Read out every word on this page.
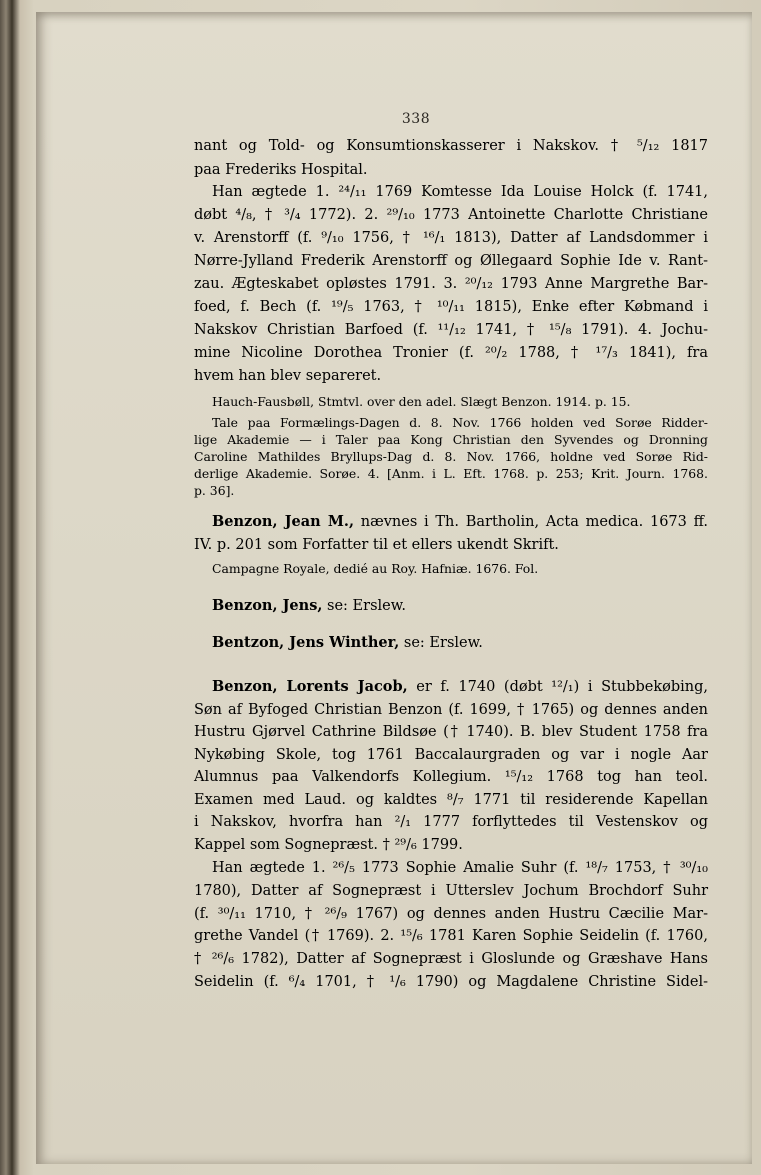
338
nant og Told- og Konsumtionskasserer i Nakskov. † ⁵/₁₂ 1817
paa Frederiks Hospital.
Han ægtede 1. ²⁴/₁₁ 1769 Komtesse Ida Louise Holck (f. 1741,
døbt ⁴/₈, † ³/₄ 1772). 2. ²⁹/₁₀ 1773 Antoinette Charlotte Christiane
v. Arenstorff (f. ⁹/₁₀ 1756, † ¹⁶/₁ 1813), Datter af Landsdommer i
Nørre-Jylland Frederik Arenstorff og Øllegaard Sophie Ide v. Rant-
zau. Ægteskabet opløstes 1791. 3. ²⁰/₁₂ 1793 Anne Margrethe Bar-
foed, f. Bech (f. ¹⁹/₅ 1763, † ¹⁰/₁₁ 1815), Enke efter Købmand i
Nakskov Christian Barfoed (f. ¹¹/₁₂ 1741, † ¹⁵/₈ 1791). 4. Jochu-
mine Nicoline Dorothea Tronier (f. ²⁰/₂ 1788, † ¹⁷/₃ 1841), fra
hvem han blev separeret.
Hauch-Fausbøll, Stmtvl. over den adel. Slægt Benzon. 1914. p. 15.
Tale paa Formælings-Dagen d. 8. Nov. 1766 holden ved Sorøe Ridder-
lige Akademie — i Taler paa Kong Christian den Syvendes og Dronning
Caroline Mathildes Bryllups-Dag d. 8. Nov. 1766, holdne ved Sorøe Rid-
derlige Akademie. Sorøe. 4. [Anm. i L. Eft. 1768. p. 253; Krit. Journ. 1768.
p. 36].
Benzon, Jean M., nævnes i Th. Bartholin, Acta medica. 1673 ff.
IV. p. 201 som Forfatter til et ellers ukendt Skrift.
Campagne Royale, dedié au Roy. Hafniæ. 1676. Fol.
Benzon, Jens, se: Erslew.
Bentzon, Jens Winther, se: Erslew.
Benzon, Lorents Jacob, er f. 1740 (døbt ¹²/₁) i Stubbekøbing,
Søn af Byfoged Christian Benzon (f. 1699, † 1765) og dennes anden
Hustru Gjørvel Cathrine Bildsøe († 1740). B. blev Student 1758 fra
Nykøbing Skole, tog 1761 Baccalaurgraden og var i nogle Aar
Alumnus paa Valkendorfs Kollegium. ¹⁵/₁₂ 1768 tog han teol.
Examen med Laud. og kaldtes ⁸/₇ 1771 til residerende Kapellan
i Nakskov, hvorfra han ²/₁ 1777 forflyttedes til Vestenskov og
Kappel som Sognepræst. † ²⁹/₆ 1799.
Han ægtede 1. ²⁶/₅ 1773 Sophie Amalie Suhr (f. ¹⁸/₇ 1753, † ³⁰/₁₀
1780), Datter af Sognepræst i Utterslev Jochum Brochdorf Suhr
(f. ³⁰/₁₁ 1710, † ²⁶/₉ 1767) og dennes anden Hustru Cæcilie Mar-
grethe Vandel († 1769). 2. ¹⁵/₆ 1781 Karen Sophie Seidelin (f. 1760,
† ²⁶/₆ 1782), Datter af Sognepræst i Gloslunde og Græshave Hans
Seidelin (f. ⁶/₄ 1701, † ¹/₆ 1790) og Magdalene Christine Sidel-
